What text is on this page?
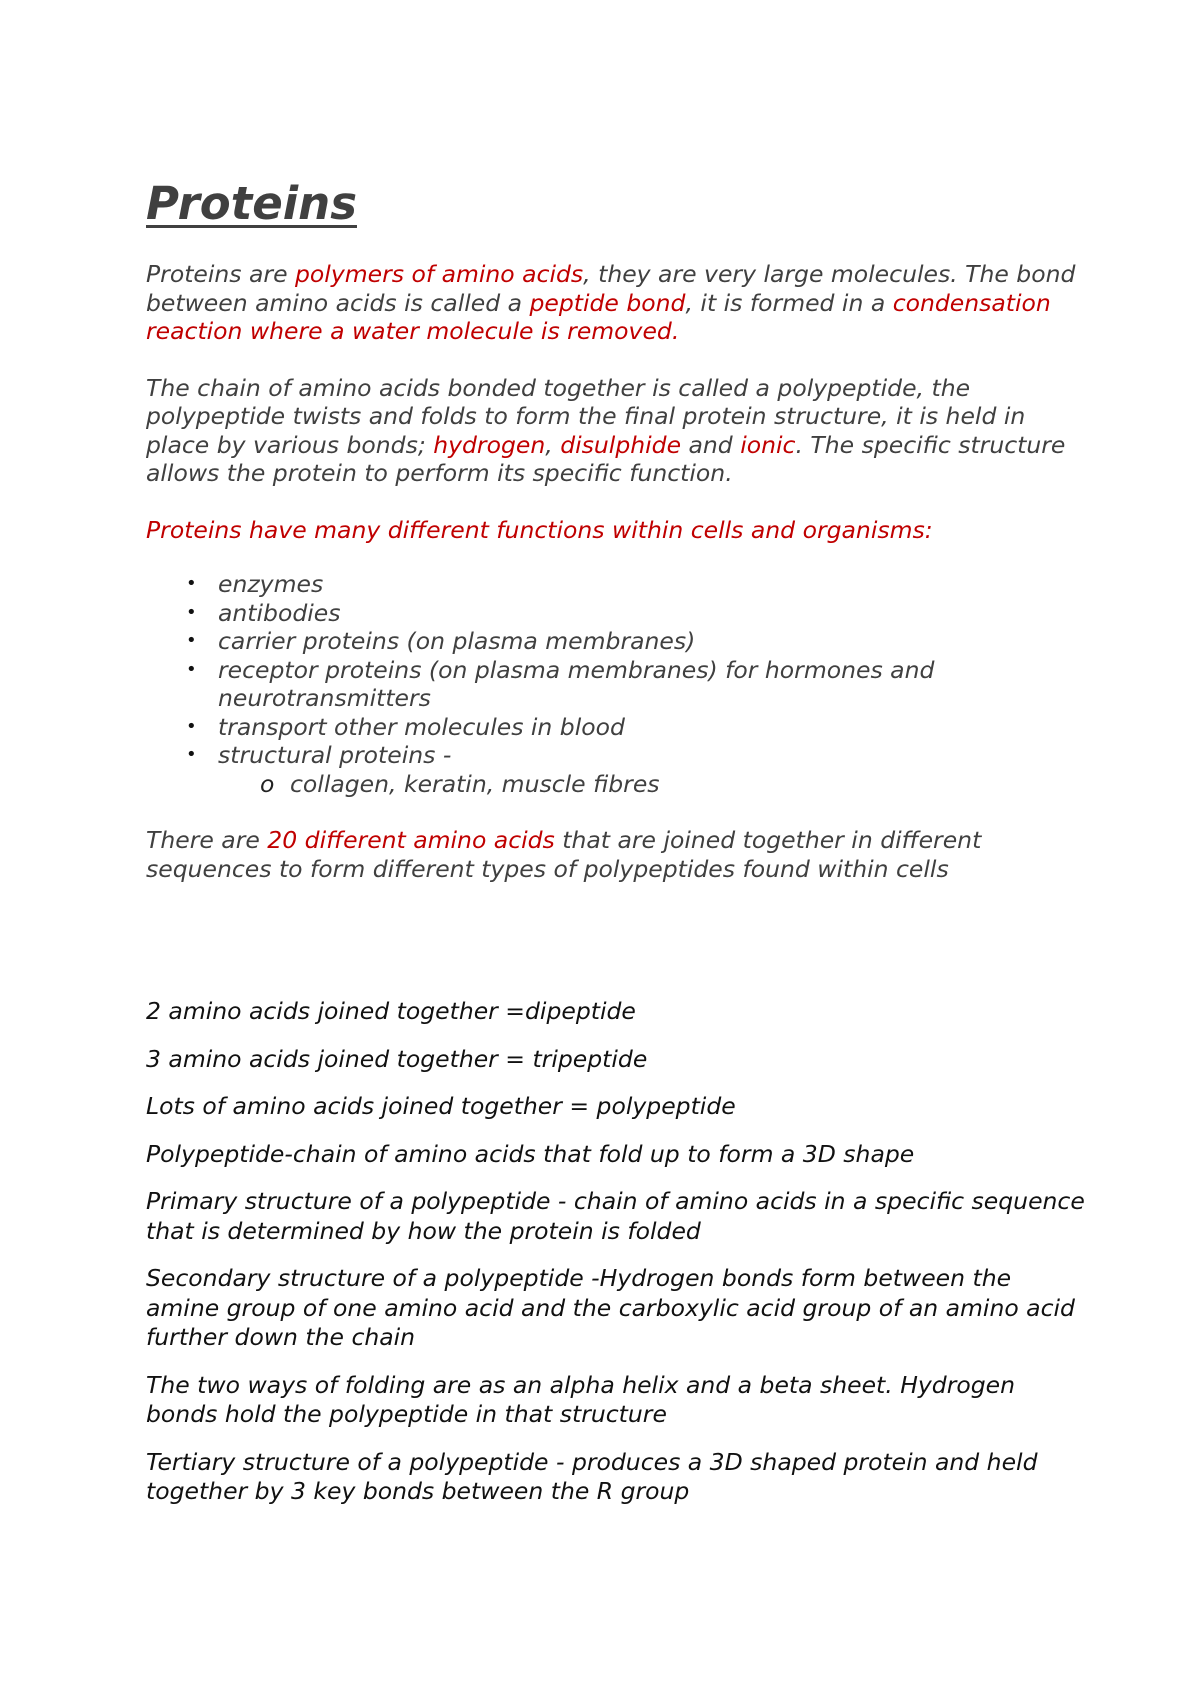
Proteins

Proteins are polymers of amino acids, they are very large molecules. The bond between amino acids is called a peptide bond, it is formed in a condensation reaction where a water molecule is removed.

The chain of amino acids bonded together is called a polypeptide, the polypeptide twists and folds to form the final protein structure, it is held in place by various bonds; hydrogen, disulphide and ionic. The specific structure allows the protein to perform its specific function.

Proteins have many different functions within cells and organisms:

• enzymes
• antibodies
• carrier proteins (on plasma membranes)
• receptor proteins (on plasma membranes) for hormones and neurotransmitters
• transport other molecules in blood
• structural proteins -
o collagen, keratin, muscle fibres

There are 20 different amino acids that are joined together in different sequences to form different types of polypeptides found within cells

2 amino acids joined together =dipeptide

3 amino acids joined together = tripeptide

Lots of amino acids joined together = polypeptide

Polypeptide-chain of amino acids that fold up to form a 3D shape

Primary structure of a polypeptide - chain of amino acids in a specific sequence that is determined by how the protein is folded

Secondary structure of a polypeptide -Hydrogen bonds form between the amine group of one amino acid and the carboxylic acid group of an amino acid further down the chain

The two ways of folding are as an alpha helix and a beta sheet. Hydrogen bonds hold the polypeptide in that structure

Tertiary structure of a polypeptide - produces a 3D shaped protein and held together by 3 key bonds between the R group
